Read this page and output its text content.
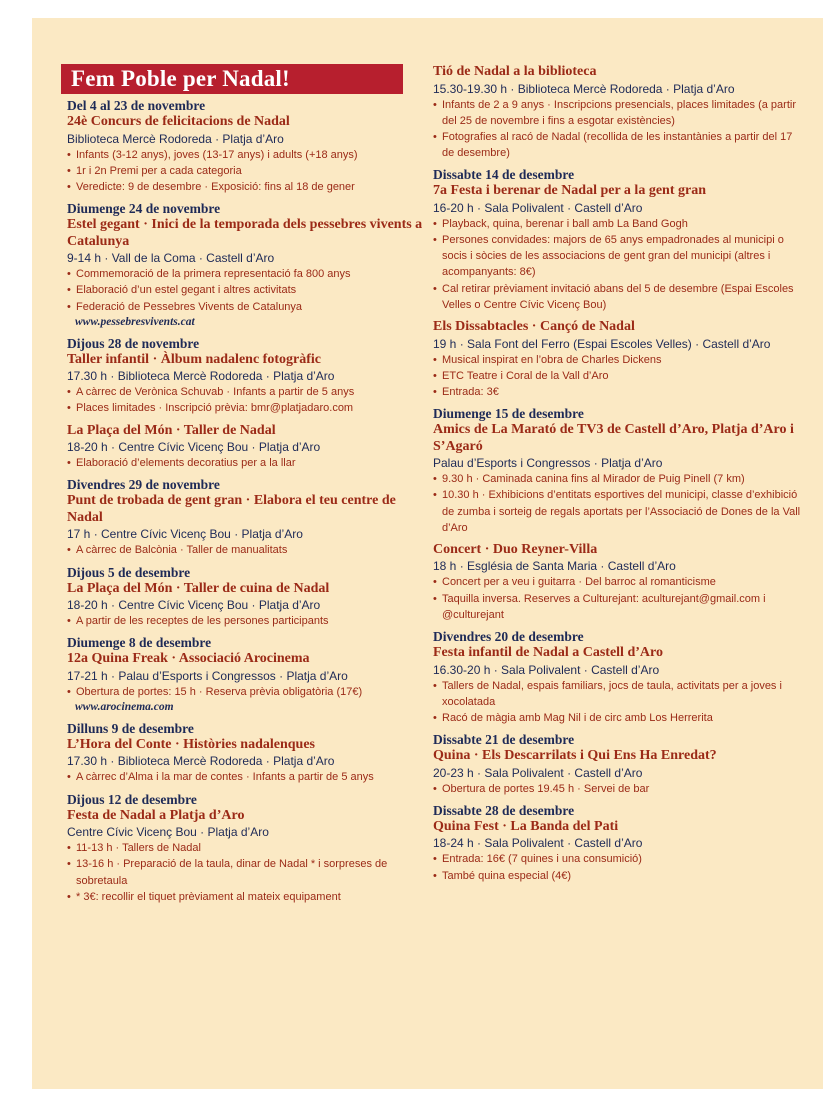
Fem Poble per Nadal!
Del 4 al 23 de novembre
24è Concurs de felicitacions de Nadal
Biblioteca Mercè Rodoreda · Platja d’Aro
• Infants (3-12 anys), joves (13-17 anys) i adults (+18 anys)
• 1r i 2n Premi per a cada categoria
• Veredicte: 9 de desembre · Exposició: fins al 18 de gener
Diumenge 24 de novembre
Estel gegant · Inici de la temporada dels pessebres vivents a Catalunya
9-14 h · Vall de la Coma · Castell d’Aro
• Commemoració de la primera representació fa 800 anys
• Elaboració d’un estel gegant i altres activitats
• Federació de Pessebres Vivents de Catalunya
www.pessebresvivents.cat
Dijous 28 de novembre
Taller infantil · Àlbum nadalenc fotogràfic
17.30 h · Biblioteca Mercè Rodoreda · Platja d’Aro
• A càrrec de Verònica Schuvab · Infants a partir de 5 anys
• Places limitades · Inscripció prèvia: bmr@platjadaro.com
La Plaça del Món · Taller de Nadal
18-20 h · Centre Cívic Vicenç Bou · Platja d’Aro
• Elaboració d’elements decoratius per a la llar
Divendres 29 de novembre
Punt de trobada de gent gran · Elabora el teu centre de Nadal
17 h · Centre Cívic Vicenç Bou · Platja d’Aro
• A càrrec de Balcònia · Taller de manualitats
Dijous 5 de desembre
La Plaça del Món · Taller de cuina de Nadal
18-20 h · Centre Cívic Vicenç Bou · Platja d’Aro
• A partir de les receptes de les persones participants
Diumenge 8 de desembre
12a Quina Freak · Associació Arocinema
17-21 h · Palau d’Esports i Congressos · Platja d’Aro
• Obertura de portes: 15 h · Reserva prèvia obligatòria (17€)
www.arocinema.com
Dilluns 9 de desembre
L’Hora del Conte · Històries nadalenques
17.30 h · Biblioteca Mercè Rodoreda · Platja d’Aro
• A càrrec d’Alma i la mar de contes · Infants a partir de 5 anys
Dijous 12 de desembre
Festa de Nadal a Platja d’Aro
Centre Cívic Vicenç Bou · Platja d’Aro
• 11-13 h · Tallers de Nadal
• 13-16 h · Preparació de la taula, dinar de Nadal * i sorpreses de sobretaula
• * 3€: recollir el tiquet prèviament al mateix equipament
Tió de Nadal a la biblioteca
15.30-19.30 h · Biblioteca Mercè Rodoreda · Platja d’Aro
• Infants de 2 a 9 anys · Inscripcions presencials, places limitades (a partir del 25 de novembre i fins a esgotar existències)
• Fotografies al racó de Nadal (recollida de les instantànies a partir del 17 de desembre)
Dissabte 14 de desembre
7a Festa i berenar de Nadal per a la gent gran
16-20 h · Sala Polivalent · Castell d’Aro
• Playback, quina, berenar i ball amb La Band Gogh
• Persones convidades: majors de 65 anys empadronades al municipi o socis i sòcies de les associacions de gent gran del municipi (altres i acompanyants: 8€)
• Cal retirar prèviament invitació abans del 5 de desembre (Espai Escoles Velles o Centre Cívic Vicenç Bou)
Els Dissabtacles · Cançó de Nadal
19 h · Sala Font del Ferro (Espai Escoles Velles) · Castell d’Aro
• Musical inspirat en l’obra de Charles Dickens
• ETC Teatre i Coral de la Vall d’Aro
• Entrada: 3€
Diumenge 15 de desembre
Amics de La Marató de TV3 de Castell d’Aro, Platja d’Aro i S’Agaró
Palau d’Esports i Congressos · Platja d’Aro
• 9.30 h · Caminada canina fins al Mirador de Puig Pinell (7 km)
• 10.30 h · Exhibicions d’entitats esportives del municipi, classe d’exhibició de zumba i sorteig de regals aportats per l’Associació de Dones de la Vall d’Aro
Concert · Duo Reyner-Villa
18 h · Església de Santa Maria · Castell d’Aro
• Concert per a veu i guitarra · Del barroc al romanticisme
• Taquilla inversa. Reserves a Culturejant: aculturejant@gmail.com i @culturejant
Divendres 20 de desembre
Festa infantil de Nadal a Castell d’Aro
16.30-20 h · Sala Polivalent · Castell d’Aro
• Tallers de Nadal, espais familiars, jocs de taula, activitats per a joves i xocolatada
• Racó de màgia amb Mag Nil i de circ amb Los Herrerita
Dissabte 21 de desembre
Quina · Els Descarrilats i Qui Ens Ha Enredat?
20-23 h · Sala Polivalent · Castell d’Aro
• Obertura de portes 19.45 h · Servei de bar
Dissabte 28 de desembre
Quina Fest · La Banda del Pati
18-24 h · Sala Polivalent · Castell d’Aro
• Entrada: 16€ (7 quines i una consumició)
• També quina especial (4€)
